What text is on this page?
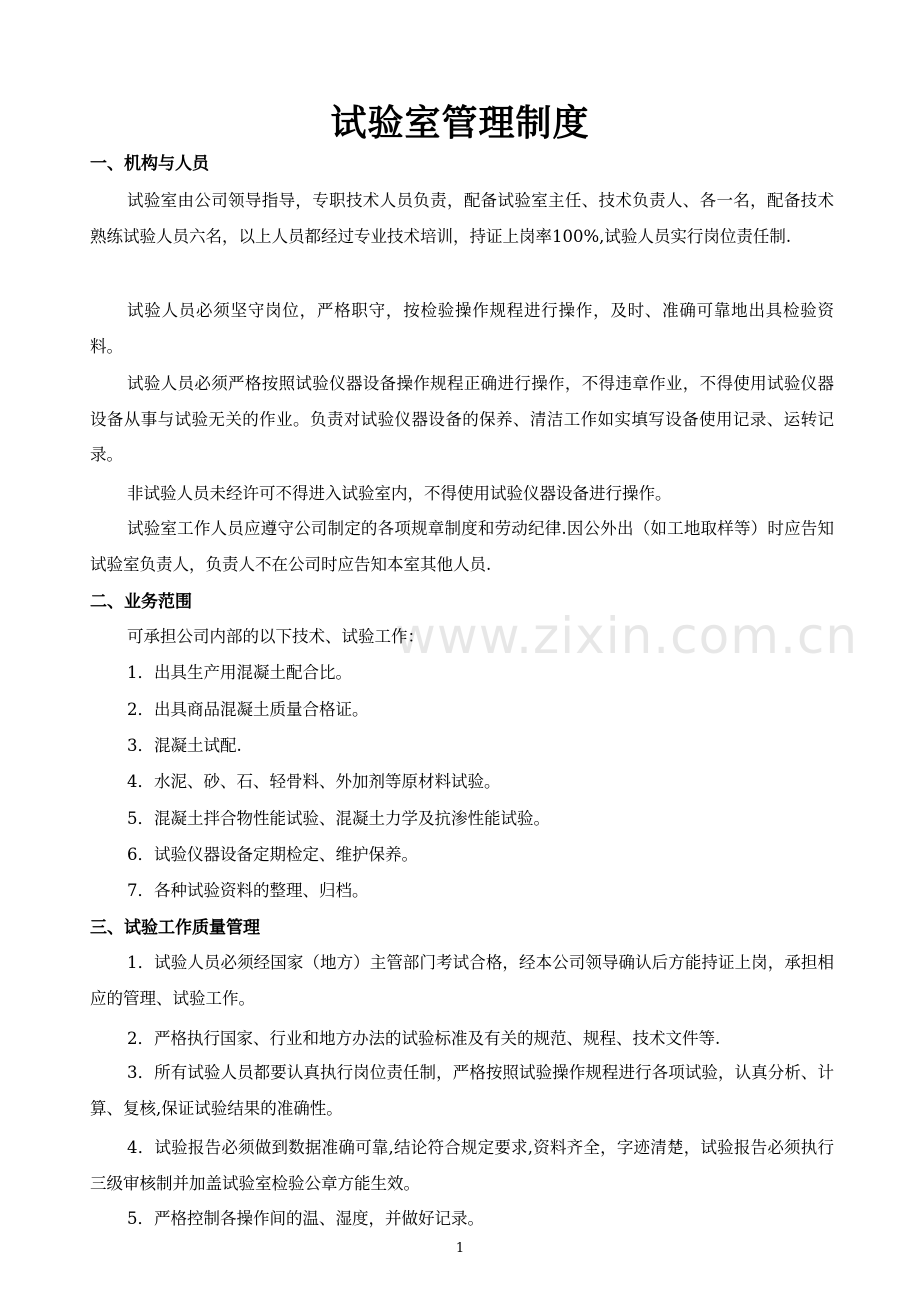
www.zixin.com.cn
试验室管理制度
一、机构与人员

试验室由公司领导指导，专职技术人员负责，配备试验室主任、技术负责人、各一名，配备技术熟练试验人员六名，以上人员都经过专业技术培训，持证上岗率100%,试验人员实行岗位责任制.

试验人员必须坚守岗位，严格职守，按检验操作规程进行操作，及时、准确可靠地出具检验资料。

试验人员必须严格按照试验仪器设备操作规程正确进行操作，不得违章作业，不得使用试验仪器设备从事与试验无关的作业。负责对试验仪器设备的保养、清洁工作如实填写设备使用记录、运转记录。

非试验人员未经许可不得进入试验室内，不得使用试验仪器设备进行操作。

试验室工作人员应遵守公司制定的各项规章制度和劳动纪律.因公外出（如工地取样等）时应告知试验室负责人，负责人不在公司时应告知本室其他人员.

二、业务范围

可承担公司内部的以下技术、试验工作：

1．出具生产用混凝土配合比。

2．出具商品混凝土质量合格证。

3．混凝土试配.

4．水泥、砂、石、轻骨料、外加剂等原材料试验。

5．混凝土拌合物性能试验、混凝土力学及抗渗性能试验。

6．试验仪器设备定期检定、维护保养。

7．各种试验资料的整理、归档。

三、试验工作质量管理

1．试验人员必须经国家（地方）主管部门考试合格，经本公司领导确认后方能持证上岗，承担相应的管理、试验工作。

2．严格执行国家、行业和地方办法的试验标准及有关的规范、规程、技术文件等.

3．所有试验人员都要认真执行岗位责任制，严格按照试验操作规程进行各项试验，认真分析、计算、复核,保证试验结果的准确性。

4．试验报告必须做到数据准确可靠,结论符合规定要求,资料齐全，字迹清楚，试验报告必须执行三级审核制并加盖试验室检验公章方能生效。

5．严格控制各操作间的温、湿度，并做好记录。

1
